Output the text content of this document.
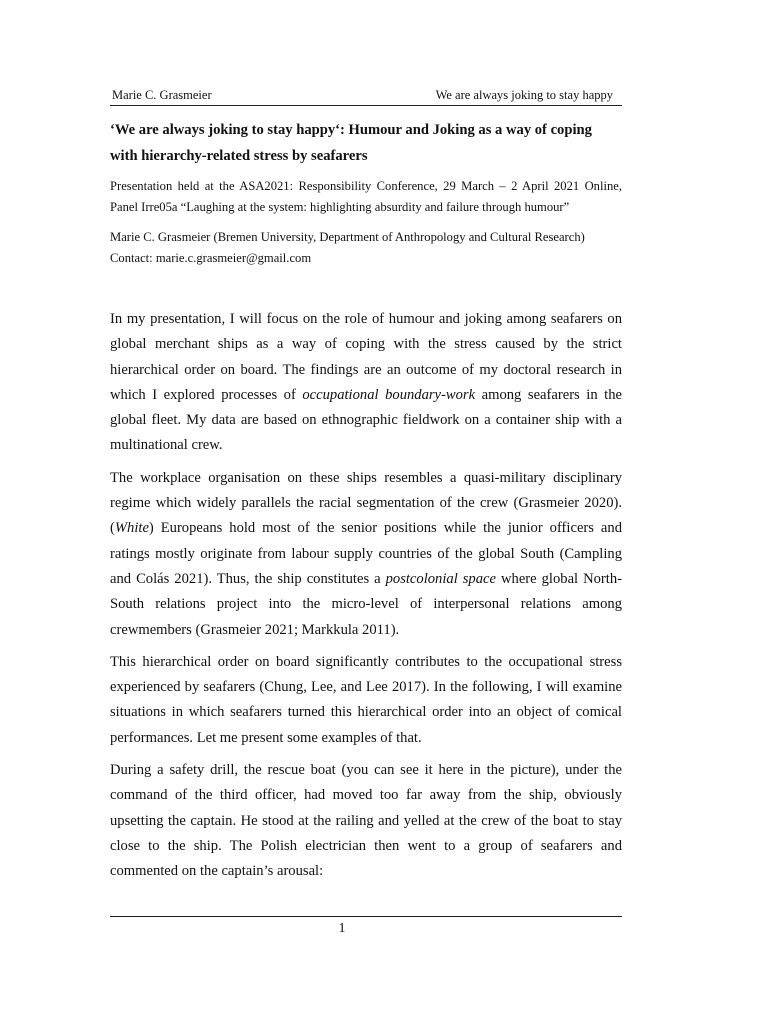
Marie C. Grasmeier	We are always joking to stay happy
‘We are always joking to stay happy‘: Humour and Joking as a way of coping with hierarchy-related stress by seafarers

Presentation held at the ASA2021: Responsibility Conference, 29 March – 2 April 2021 Online,
Panel Irre05a “Laughing at the system: highlighting absurdity and failure through humour”

Marie C. Grasmeier (Bremen University, Department of Anthropology and Cultural Research)
Contact: marie.c.grasmeier@gmail.com

In my presentation, I will focus on the role of humour and joking among seafarers on global merchant ships as a way of coping with the stress caused by the strict hierarchical order on board. The findings are an outcome of my doctoral research in which I explored processes of occupational boundary-work among seafarers in the global fleet. My data are based on ethnographic fieldwork on a container ship with a multinational crew.

The workplace organisation on these ships resembles a quasi-military disciplinary regime which widely parallels the racial segmentation of the crew (Grasmeier 2020). (White) Europeans hold most of the senior positions while the junior officers and ratings mostly originate from labour supply countries of the global South (Campling and Colás 2021). Thus, the ship constitutes a postcolonial space where global North-South relations project into the micro-level of interpersonal relations among crewmembers (Grasmeier 2021; Markkula 2011).

This hierarchical order on board significantly contributes to the occupational stress experienced by seafarers (Chung, Lee, and Lee 2017). In the following, I will examine situations in which seafarers turned this hierarchical order into an object of comical performances. Let me present some examples of that.

During a safety drill, the rescue boat (you can see it here in the picture), under the command of the third officer, had moved too far away from the ship, obviously upsetting the captain. He stood at the railing and yelled at the crew of the boat to stay close to the ship. The Polish electrician then went to a group of seafarers and commented on the captain’s arousal:

1
